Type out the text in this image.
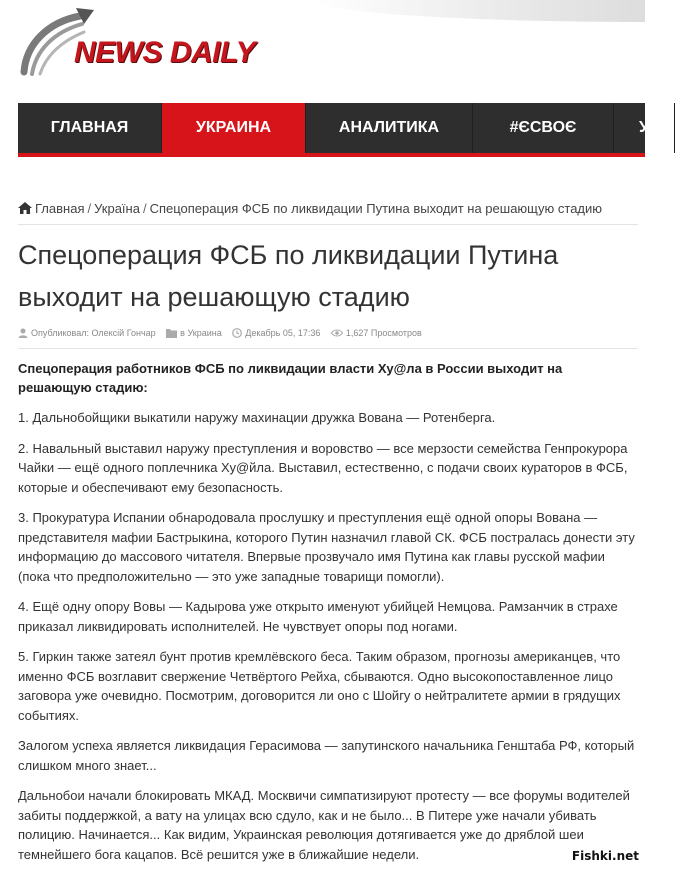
NEWS DAILY
ГЛАВНАЯ	УКРАИНА	АНАЛИТИКА	#ЄСВОЄ	У
Главная / Україна / Спецоперация ФСБ по ликвидации Путина выходит на решающую стадию
Спецоперация ФСБ по ликвидации Путина выходит на решающую стадию
Опубликовал: Олексій Гончар	в Украина	Декабрь 05, 17:36	1,627 Просмотров
Спецоперация работников ФСБ по ликвидации власти Ху@ла в России выходит на решающую стадию:
1. Дальнобойщики выкатили наружу махинации дружка Вована — Ротенберга.
2. Навальный выставил наружу преступления и воровство — все мерзости семейства Генпрокурора Чайки — ещё одного поплечника Ху@йла. Выставил, естественно, с подачи своих кураторов в ФСБ, которые и обеспечивают ему безопасность.
3. Прокуратура Испании обнародовала прослушку и преступления ещё одной опоры Вована — представителя мафии Бастрыкина, которого Путин назначил главой СК. ФСБ постралась донести эту информацию до массового читателя. Впервые прозвучало имя Путина как главы русской мафии (пока что предположительно — это уже западные товарищи помогли).
4. Ещё одну опору Вовы — Кадырова уже открыто именуют убийцей Немцова. Рамзанчик в страхе приказал ликвидировать исполнителей. Не чувствует опоры под ногами.
5. Гиркин также затеял бунт против кремлёвского беса. Таким образом, прогнозы американцев, что именно ФСБ возглавит свержение Четвёртого Рейха, сбываются. Одно высокопоставленное лицо заговора уже очевидно. Посмотрим, договорится ли оно с Шойгу о нейтралитете армии в грядущих событиях.
Залогом успеха является ликвидация Герасимова — запутинского начальника Генштаба РФ, который слишком много знает...
Дальнобои начали блокировать МКАД. Москвичи симпатизируют протесту — все форумы водителей забиты поддержкой, а вату на улицах всю сдуло, как и не было... В Питере уже начали убивать полицию. Начинается... Как видим, Украинская революция дотягивается уже до дряблой шеи темнейшего бога кацапов. Всё решится уже в ближайшие недели.	Fishki.net
